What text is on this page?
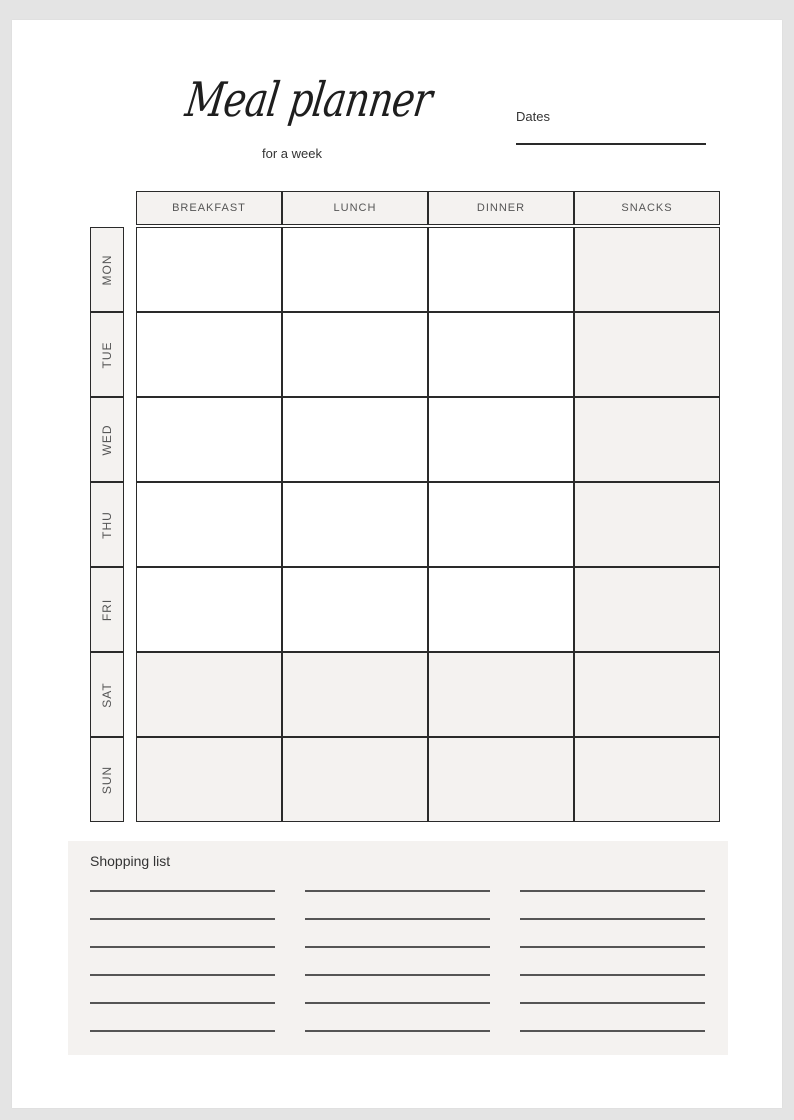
Meal planner
for a week
Dates
BREAKFAST	LUNCH	DINNER	SNACKS
MON
TUE
WED
THU
FRI
SAT
SUN
Shopping list
